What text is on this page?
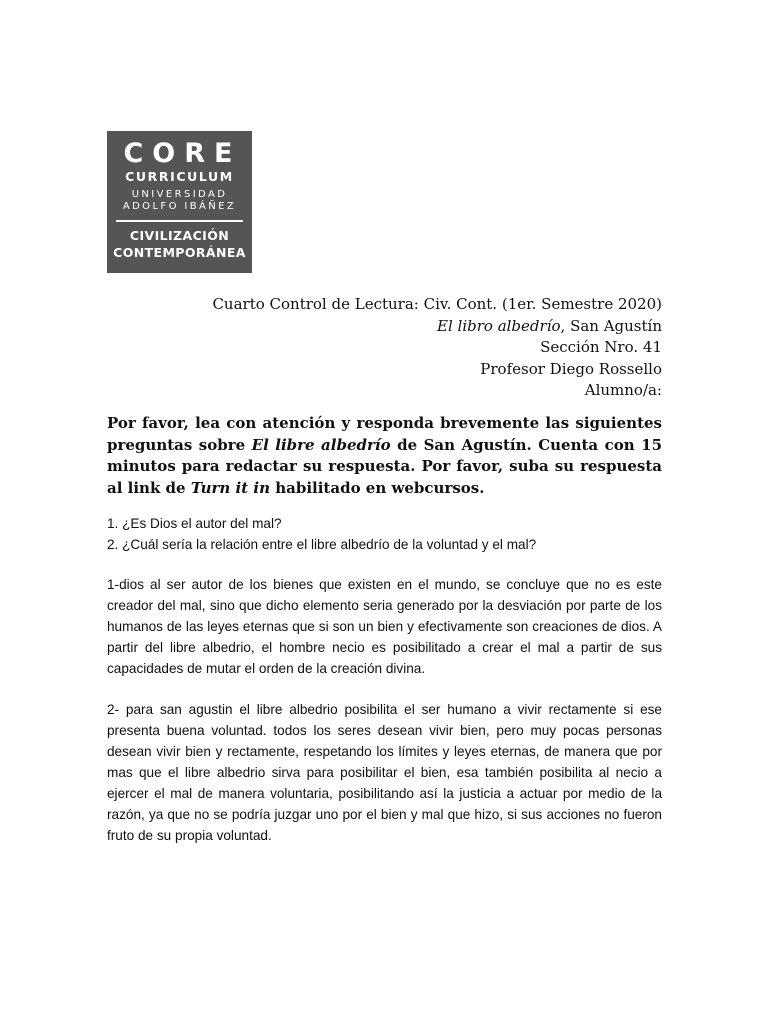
CORE
CURRICULUM
UNIVERSIDAD
ADOLFO IBÁÑEZ
CIVILIZACIÓN
CONTEMPORÁNEA
Cuarto Control de Lectura: Civ. Cont. (1er. Semestre 2020)
El libro albedrío, San Agustín
Sección Nro. 41
Profesor Diego Rossello
Alumno/a:
Por favor, lea con atención y responda brevemente las siguientes preguntas sobre El libre albedrío de San Agustín. Cuenta con 15 minutos para redactar su respuesta. Por favor, suba su respuesta al link de Turn it in habilitado en webcursos.

1. ¿Es Dios el autor del mal?

2. ¿Cuál sería la relación entre el libre albedrío de la voluntad y el mal?

1-dios al ser autor de los bienes que existen en el mundo, se concluye que no es este creador del mal, sino que dicho elemento seria generado por la desviación por parte de los humanos de las leyes eternas que si son un bien y efectivamente son creaciones de dios. A partir del libre albedrio, el hombre necio es posibilitado a crear el mal a partir de sus capacidades de mutar el orden de la creación divina.

2- para san agustin el libre albedrio posibilita el ser humano a vivir rectamente si ese presenta buena voluntad. todos los seres desean vivir bien, pero muy pocas personas desean vivir bien y rectamente, respetando los límites y leyes eternas, de manera que por mas que el libre albedrio sirva para posibilitar el bien, esa también posibilita al necio a ejercer el mal de manera voluntaria, posibilitando así la justicia a actuar por medio de la razón, ya que no se podría juzgar uno por el bien y mal que hizo, si sus acciones no fueron fruto de su propia voluntad.
